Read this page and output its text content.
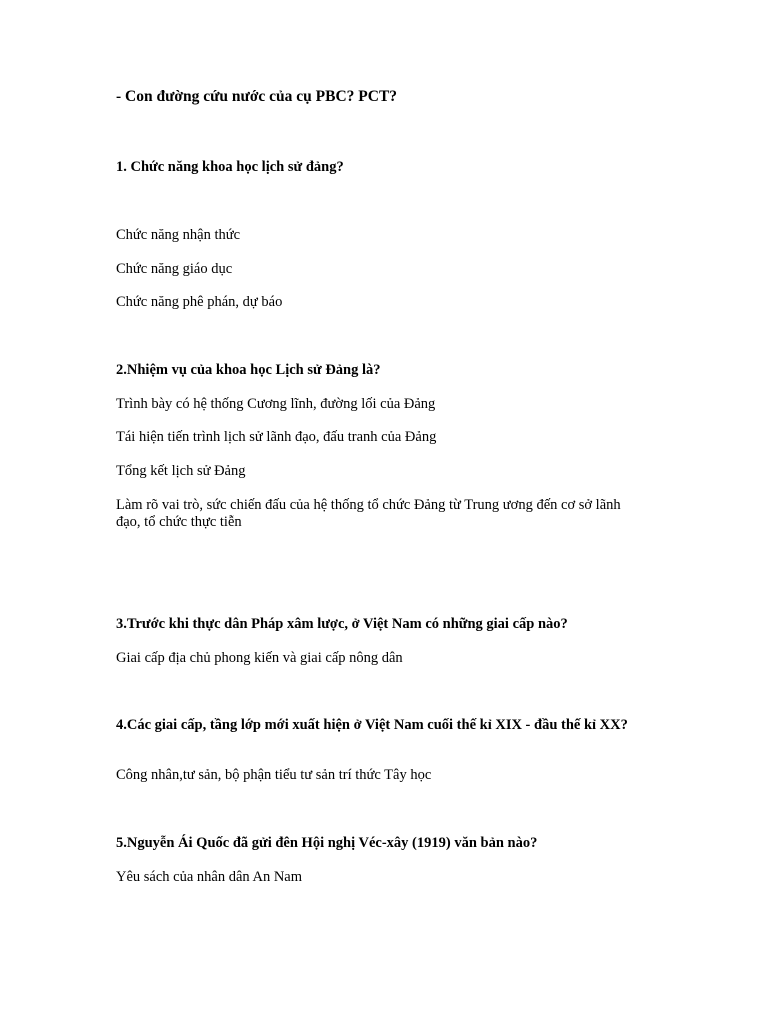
- Con đường cứu nước của cụ PBC? PCT?
1. Chức năng khoa học lịch sử đảng?
Chức năng nhận thức
Chức năng giáo dục
Chức năng phê phán, dự báo
2.Nhiệm vụ của khoa học Lịch sử Đảng là?
Trình bày có hệ thống Cương lĩnh, đường lối của Đảng
Tái hiện tiến trình lịch sử lãnh đạo, đấu tranh của Đảng
Tổng kết lịch sử Đảng
Làm rõ vai trò, sức chiến đấu của hệ thống tổ chức Đảng từ Trung ương đến cơ sở lãnh đạo, tổ chức thực tiễn
3.Trước khi thực dân Pháp xâm lược, ở Việt Nam có những giai cấp nào?
Giai cấp địa chủ phong kiến và giai cấp nông dân
4.Các giai cấp, tầng lớp mới xuất hiện ở Việt Nam cuối thế kỉ XIX - đầu thế kỉ XX?
Công nhân,tư sản, bộ phận tiểu tư sản trí thức Tây học
5.Nguyễn Ái Quốc đã gửi đên Hội nghị Véc-xây (1919) văn bản nào?
Yêu sách của nhân dân An Nam
